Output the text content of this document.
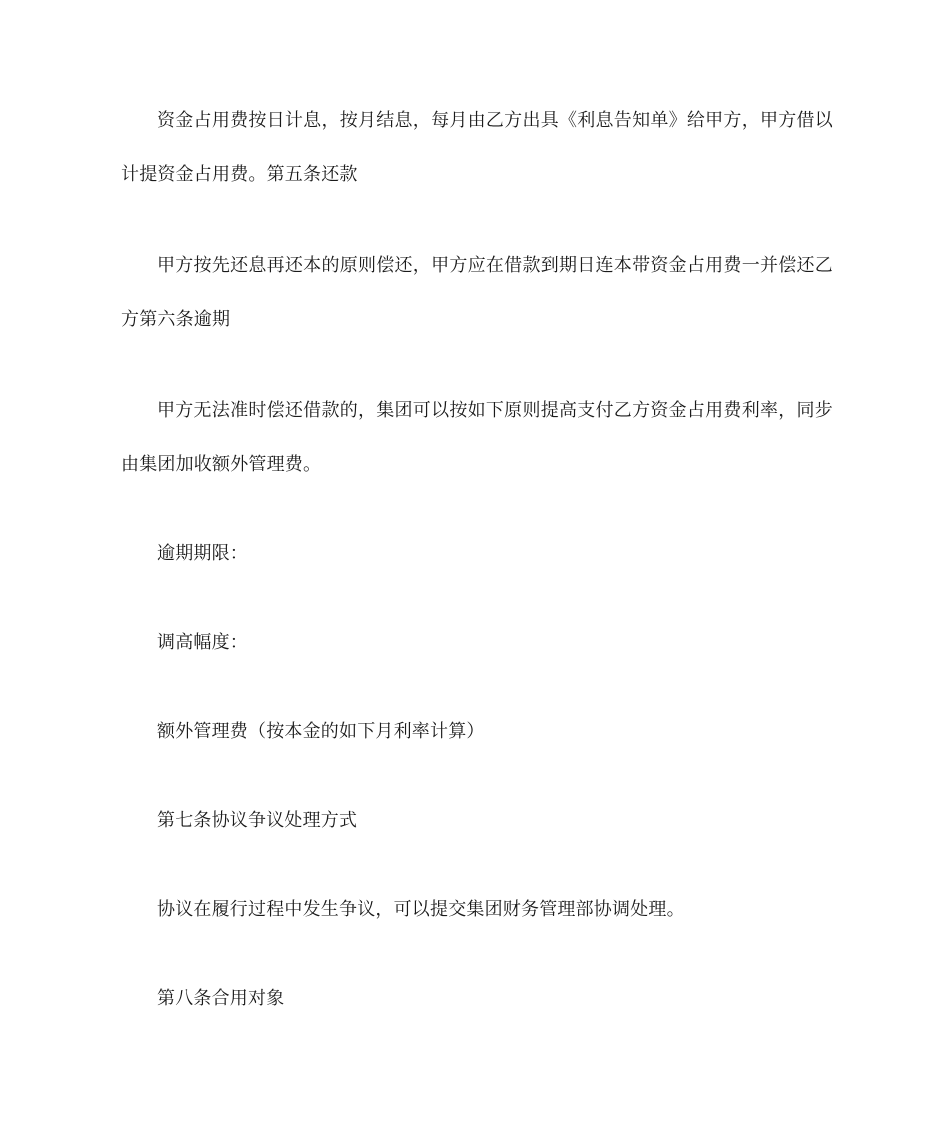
资金占用费按日计息，按月结息，每月由乙方出具《利息告知单》给甲方，甲方借以计提资金占用费。第五条还款

甲方按先还息再还本的原则偿还，甲方应在借款到期日连本带资金占用费一并偿还乙方第六条逾期

甲方无法准时偿还借款的，集团可以按如下原则提高支付乙方资金占用费利率，同步由集团加收额外管理费。

逾期期限：

调高幅度：

额外管理费（按本金的如下月利率计算）

第七条协议争议处理方式

协议在履行过程中发生争议，可以提交集团财务管理部协调处理。

第八条合用对象
